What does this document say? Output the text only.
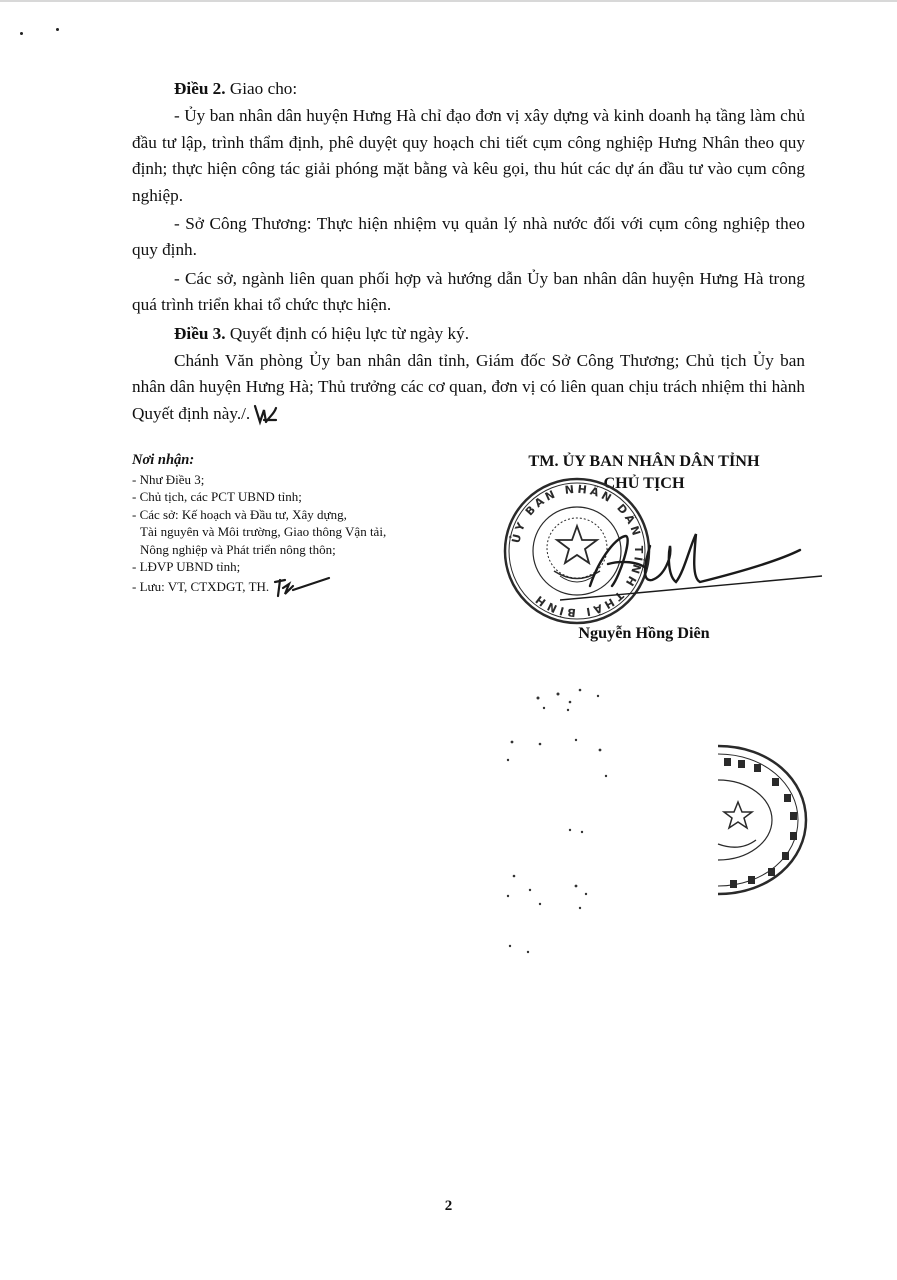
Điều 2. Giao cho:

- Ủy ban nhân dân huyện Hưng Hà chỉ đạo đơn vị xây dựng và kinh doanh hạ tầng làm chủ đầu tư lập, trình thẩm định, phê duyệt quy hoạch chi tiết cụm công nghiệp Hưng Nhân theo quy định; thực hiện công tác giải phóng mặt bằng và kêu gọi, thu hút các dự án đầu tư vào cụm công nghiệp.

- Sở Công Thương: Thực hiện nhiệm vụ quản lý nhà nước đối với cụm công nghiệp theo quy định.

- Các sở, ngành liên quan phối hợp và hướng dẫn Ủy ban nhân dân huyện Hưng Hà trong quá trình triển khai tổ chức thực hiện.

Điều 3. Quyết định có hiệu lực từ ngày ký.

Chánh Văn phòng Ủy ban nhân dân tỉnh, Giám đốc Sở Công Thương; Chủ tịch Ủy ban nhân dân huyện Hưng Hà; Thủ trưởng các cơ quan, đơn vị có liên quan chịu trách nhiệm thi hành Quyết định này./.

Nơi nhận:
- Như Điều 3;
- Chủ tịch, các PCT UBND tỉnh;
- Các sở: Kế hoạch và Đầu tư, Xây dựng,
Tài nguyên và Môi trường, Giao thông Vận tải,
Nông nghiệp và Phát triển nông thôn;
- LĐVP UBND tỉnh;
- Lưu: VT, CTXDGT, TH.
TM. ỦY BAN NHÂN DÂN TỈNH
CHỦ TỊCH
Nguyễn Hồng Diên
ỦY BAN NHÂN DÂN TỈNH THÁI BÌNH
2
